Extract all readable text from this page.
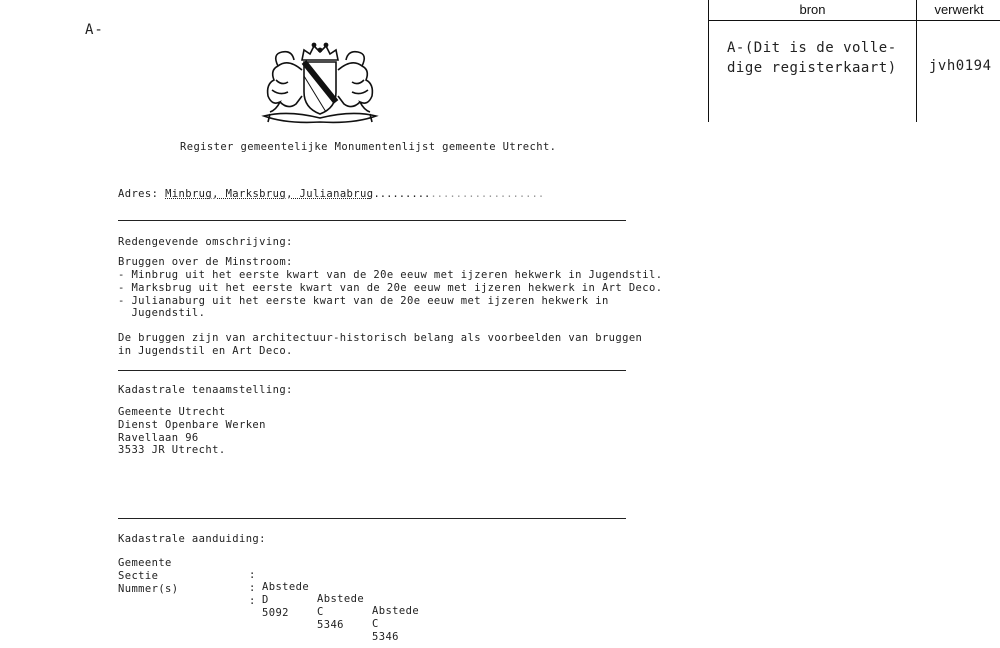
A-
bron	verwerkt
A-(Dit is de volle-
dige registerkaart)	jvh0194
Register gemeentelijke Monumentenlijst gemeente Utrecht.
Adres: Minbrug, Marksbrug, Julianabrug...........................
Redengevende omschrijving:
Bruggen over de Minstroom:
- Minbrug uit het eerste kwart van de 20e eeuw met ijzeren hekwerk in Jugendstil.
- Marksbrug uit het eerste kwart van de 20e eeuw met ijzeren hekwerk in Art Deco.
- Julianaburg uit het eerste kwart van de 20e eeuw met ijzeren hekwerk in
Jugendstil.
De bruggen zijn van architectuur-historisch belang als voorbeelden van bruggen
in Jugendstil en Art Deco.
Kadastrale tenaamstelling:
Gemeente Utrecht
Dienst Openbare Werken
Ravellaan 96
3533 JR Utrecht.
Kadastrale aanduiding:

Gemeente

:

Abstede

Abstede

Abstede

Sectie

:

D

C

C

Nummer(s)

:

5092

5346

5346
